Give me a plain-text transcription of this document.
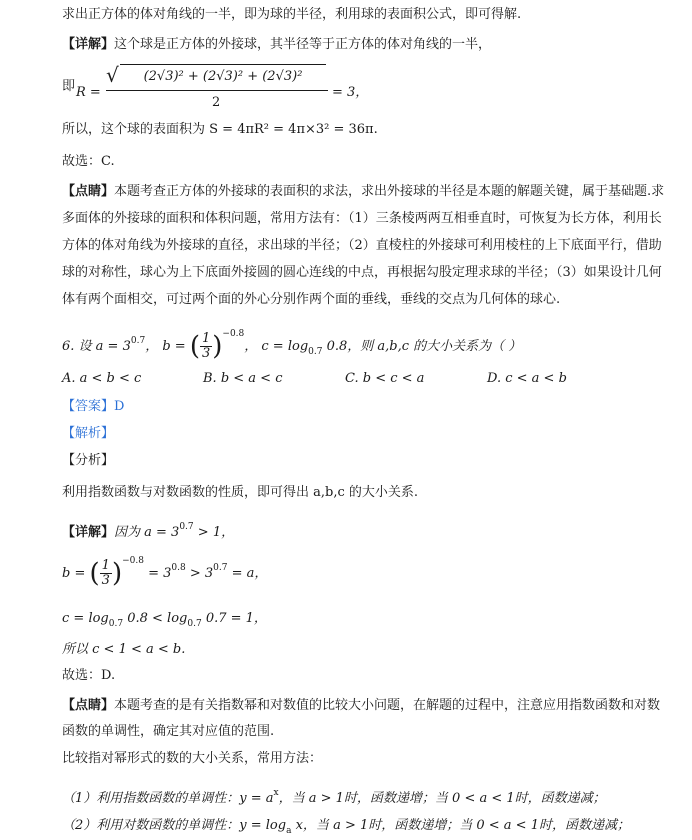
求出正方体的体对角线的一半，即为球的半径，利用球的表面积公式，即可得解.
【详解】这个球是正方体的外接球，其半径等于正方体的体对角线的一半，
即 R =
√	(2√3)² + (2√3)² + (2√3)²
2
= 3，
所以，这个球的表面积为 S = 4πR² = 4π×3² = 36π.
故选：C.
【点睛】本题考查正方体的外接球的表面积的求法，求出外接球的半径是本题的解题关键，属于基础题.求
多面体的外接球的面积和体积问题，常用方法有：（1）三条棱两两互相垂直时，可恢复为长方体，利用长
方体的体对角线为外接球的直径，求出球的半径；（2）直棱柱的外接球可利用棱柱的上下底面平行，借助
球的对称性，球心为上下底面外接圆的圆心连线的中点，再根据勾股定理求球的半径；（3）如果设计几何
体有两个面相交，可过两个面的外心分别作两个面的垂线，垂线的交点为几何体的球心.
6. 设 $a = 3^{0.7}$， b = ( $\frac{1}{3} )^{-0.8}$， $c = \log_{0.7} 0.8$，则 a,b,c 的大小关系为（ ）
A. a < b < c	B. b < a < c	C. b < c < a	D. c < a < b
【答案】D
【解析】
【分析】
利用指数函数与对数函数的性质，即可得出 a,b,c 的大小关系.
【详解】因为 $a = 3^{0.7} > 1$，
b = ( $\frac{1}{3} )^{-0.8} = 3^{0.8} > 3^{0.7} = a$，
$c = \log_{0.7} 0.8 < \log_{0.7} 0.7 = 1$，
所以 c < 1 < a < b.
故选：D.
【点睛】本题考查的是有关指数幂和对数值的比较大小问题，在解题的过程中，注意应用指数函数和对数
函数的单调性，确定其对应值的范围.
比较指对幂形式的数的大小关系，常用方法：
（1）利用指数函数的单调性：$y = a^x$，当 a > 1时，函数递增；当 0 < a < 1时，函数递减；
（2）利用对数函数的单调性：$y = \log_a x$，当 a > 1时，函数递增；当 0 < a < 1时，函数递减；
